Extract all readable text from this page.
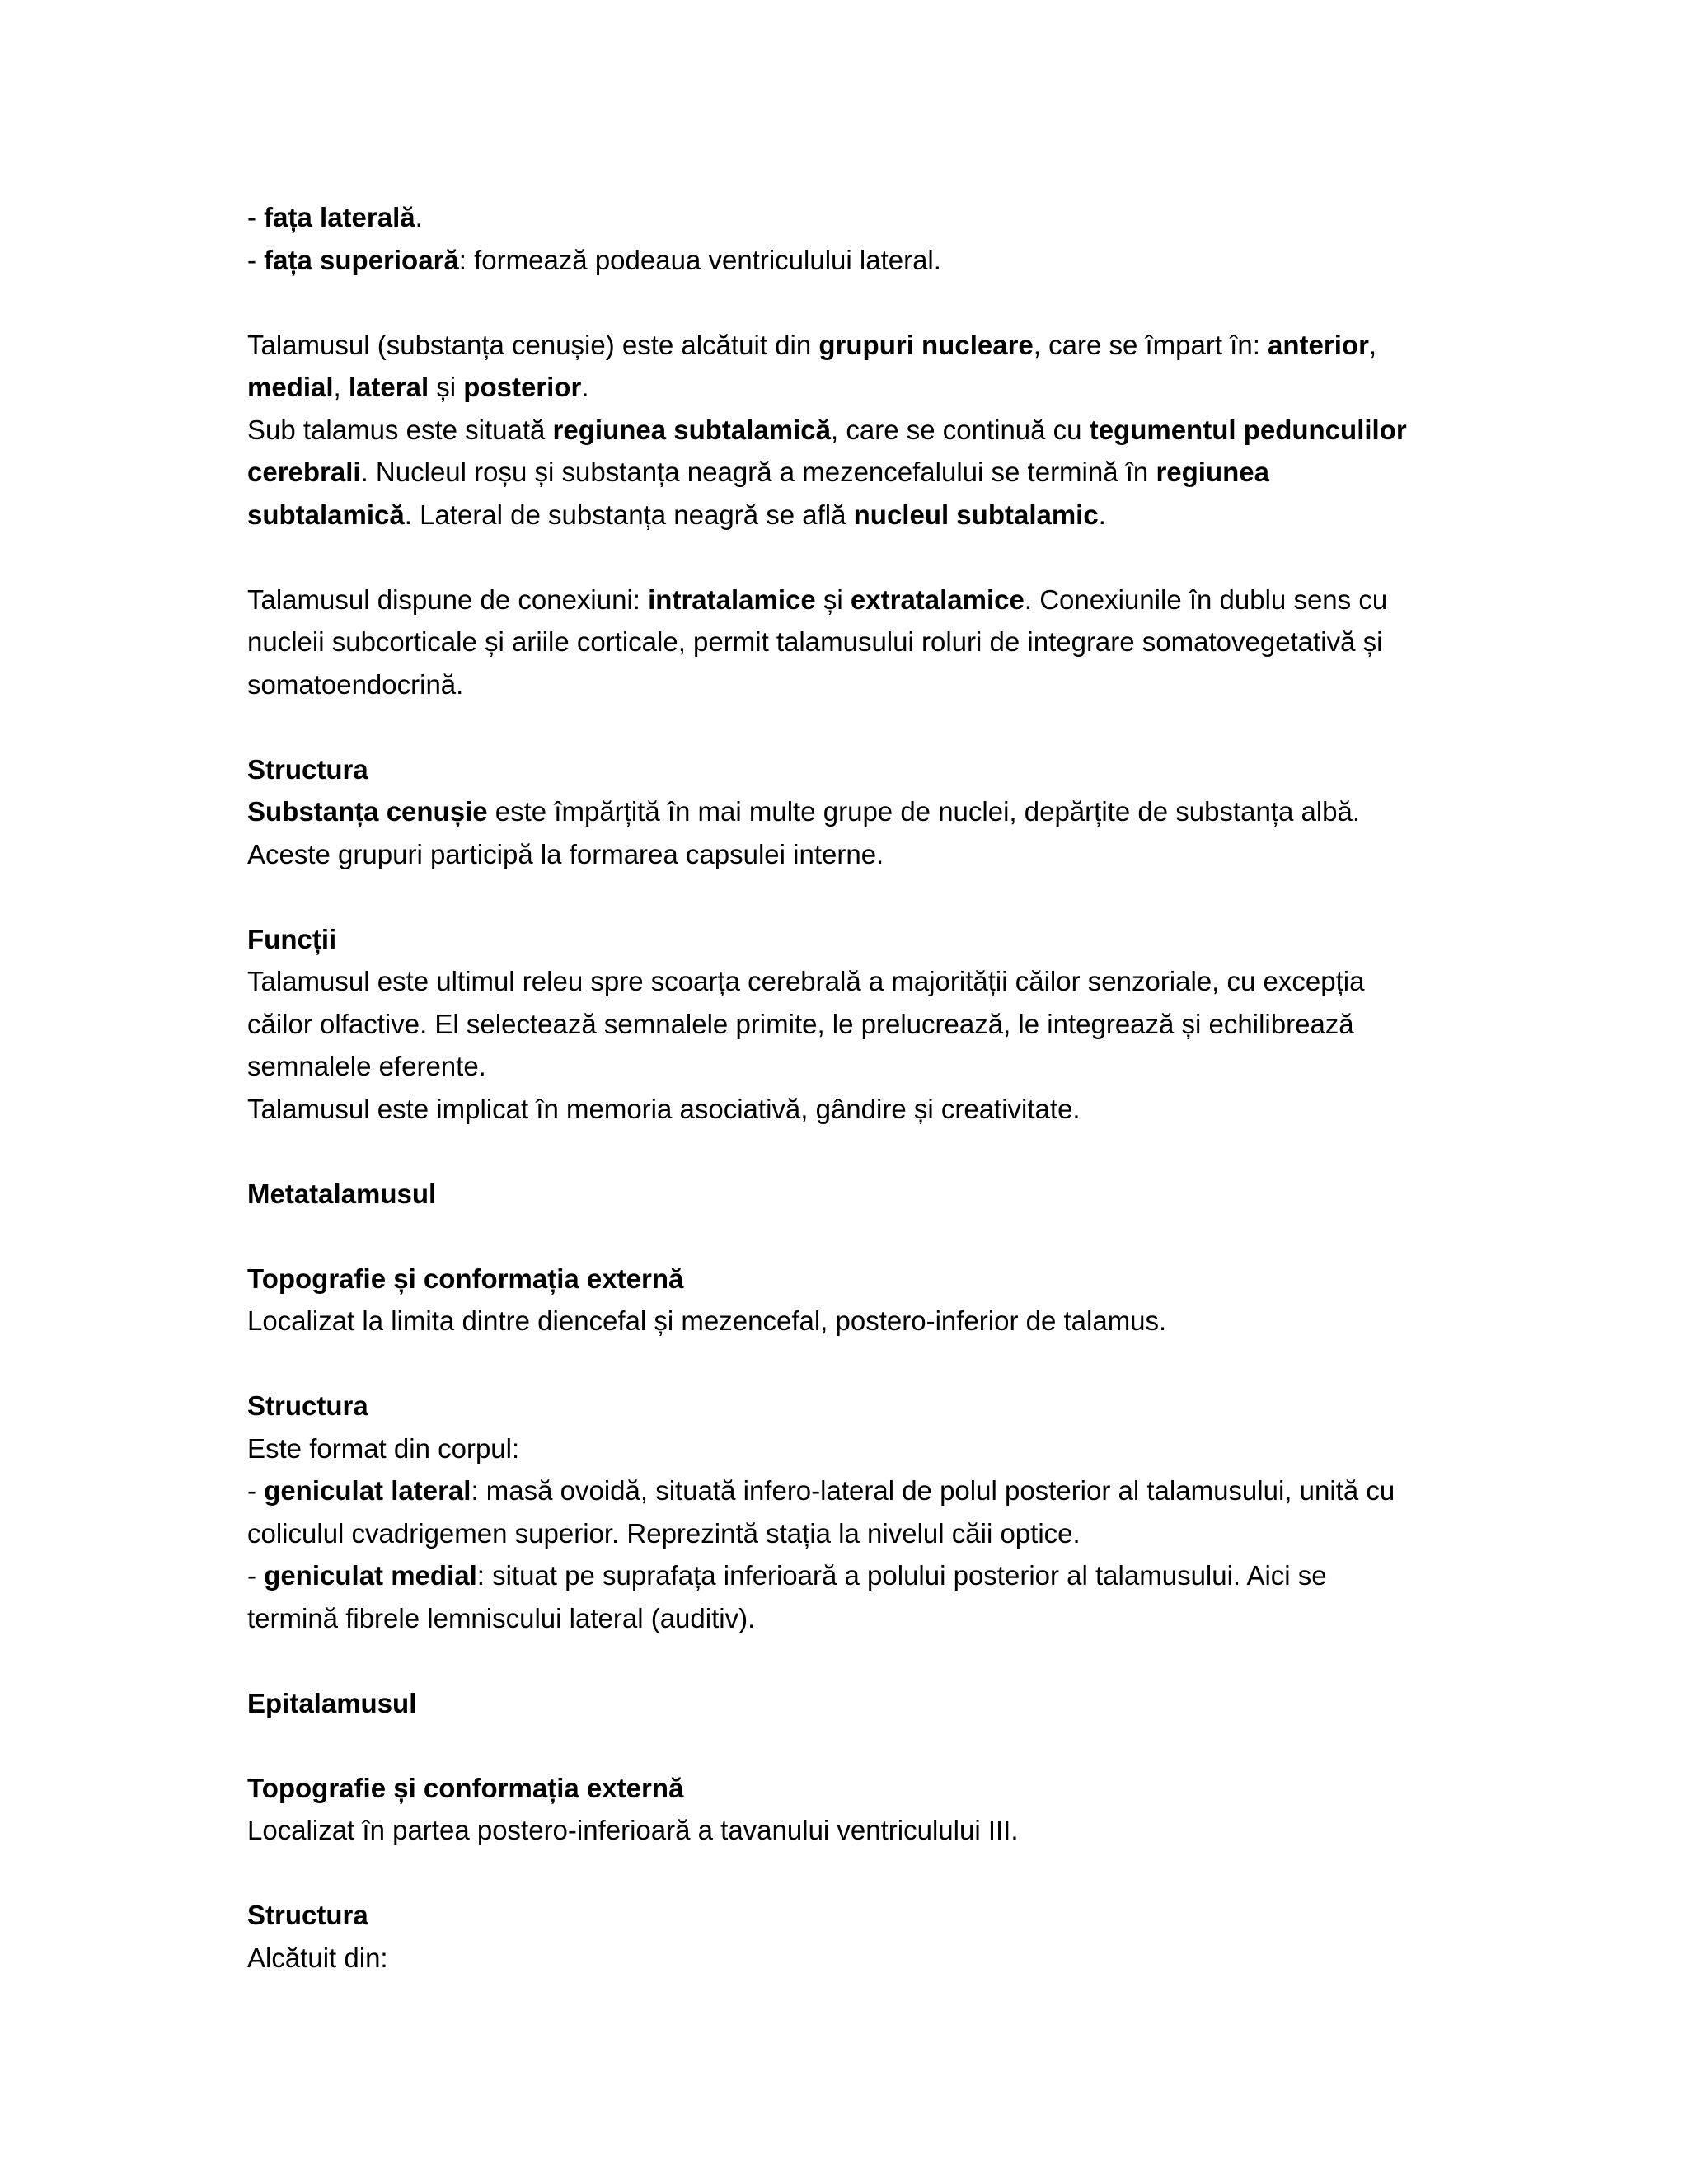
- fața laterală.
- fața superioară: formează podeaua ventriculului lateral.
Talamusul (substanța cenușie) este alcătuit din grupuri nucleare, care se împart în: anterior,
medial, lateral și posterior.
Sub talamus este situată regiunea subtalamică, care se continuă cu tegumentul pedunculilor
cerebrali. Nucleul roșu și substanța neagră a mezencefalului se termină în regiunea
subtalamică. Lateral de substanța neagră se află nucleul subtalamic.
Talamusul dispune de conexiuni: intratalamice și extratalamice. Conexiunile în dublu sens cu
nucleii subcorticale și ariile corticale, permit talamusului roluri de integrare somatovegetativă și
somatoendocrină.
Structura
Substanța cenușie este împărțită în mai multe grupe de nuclei, depărțite de substanța albă.
Aceste grupuri participă la formarea capsulei interne.
Funcții
Talamusul este ultimul releu spre scoarța cerebrală a majorității căilor senzoriale, cu excepția
căilor olfactive. El selectează semnalele primite, le prelucrează, le integrează și echilibrează
semnalele eferente.
Talamusul este implicat în memoria asociativă, gândire și creativitate.
Metatalamusul
Topografie și conformația externă
Localizat la limita dintre diencefal și mezencefal, postero-inferior de talamus.
Structura
Este format din corpul:
- geniculat lateral: masă ovoidă, situată infero-lateral de polul posterior al talamusului, unită cu
coliculul cvadrigemen superior. Reprezintă stația la nivelul căii optice.
- geniculat medial: situat pe suprafața inferioară a polului posterior al talamusului. Aici se
termină fibrele lemniscului lateral (auditiv).
Epitalamusul
Topografie și conformația externă
Localizat în partea postero-inferioară a tavanului ventriculului III.
Structura
Alcătuit din:
